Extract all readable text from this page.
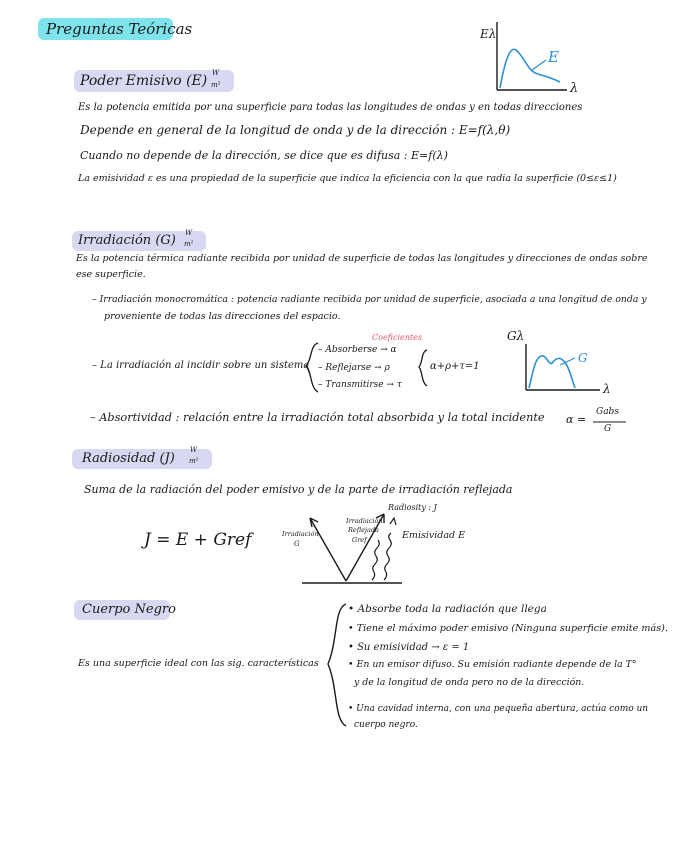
Preguntas Teóricas	Eλ
λ
E
Poder Emisivo (E) W
m²
Es la potencia emitida por una superficie para todas las longitudes de ondas y en todas direcciones
Depende en general de la longitud de onda y de la dirección : E=f(λ,θ)
Cuando no depende de la dirección, se dice que es difusa : E=f(λ)
La emisividad ε es una propiedad de la superficie que indica la eficiencia con la que radia la superficie (0≤ε≤1)
Irradiación (G) W
m²
Es la potencia térmica radiante recibida por unidad de superficie de todas las longitudes y direcciones de ondas sobre
ese superficie.
– Irradiación monocromática : potencia radiante recibida por unidad de superficie, asociada a una longitud de onda y
proveniente de todas las direcciones del espacio.
– La irradiación al incidir sobre un sistema
Coeficientes
– Absorberse → α
– Reflejarse → ρ
– Transmitirse → τ
α+ρ+τ=1
Gλ
λ
G
– Absortividad : relación entre la irradiación total absorbida y la total incidente α =
Gabs
G
Radiosidad (J)
W
m²
Suma de la radiación del poder emisivo y de la parte de irradiación reflejada
J = E + Gref
Radiosity : J
Irradiación
G
Irradiación
Reflejada
Gref	Emisividad E
Cuerpo Negro
Es una superficie ideal con las sig. características
• Absorbe toda la radiación que llega
• Tiene el máximo poder emisivo (Ninguna superficie emite más).
• Su emisividad → ε = 1
• En un emisor difuso. Su emisión radiante depende de la T°
y de la longitud de onda pero no de la dirección.
• Una cavidad interna, con una pequeña abertura, actúa como un
cuerpo negro.
